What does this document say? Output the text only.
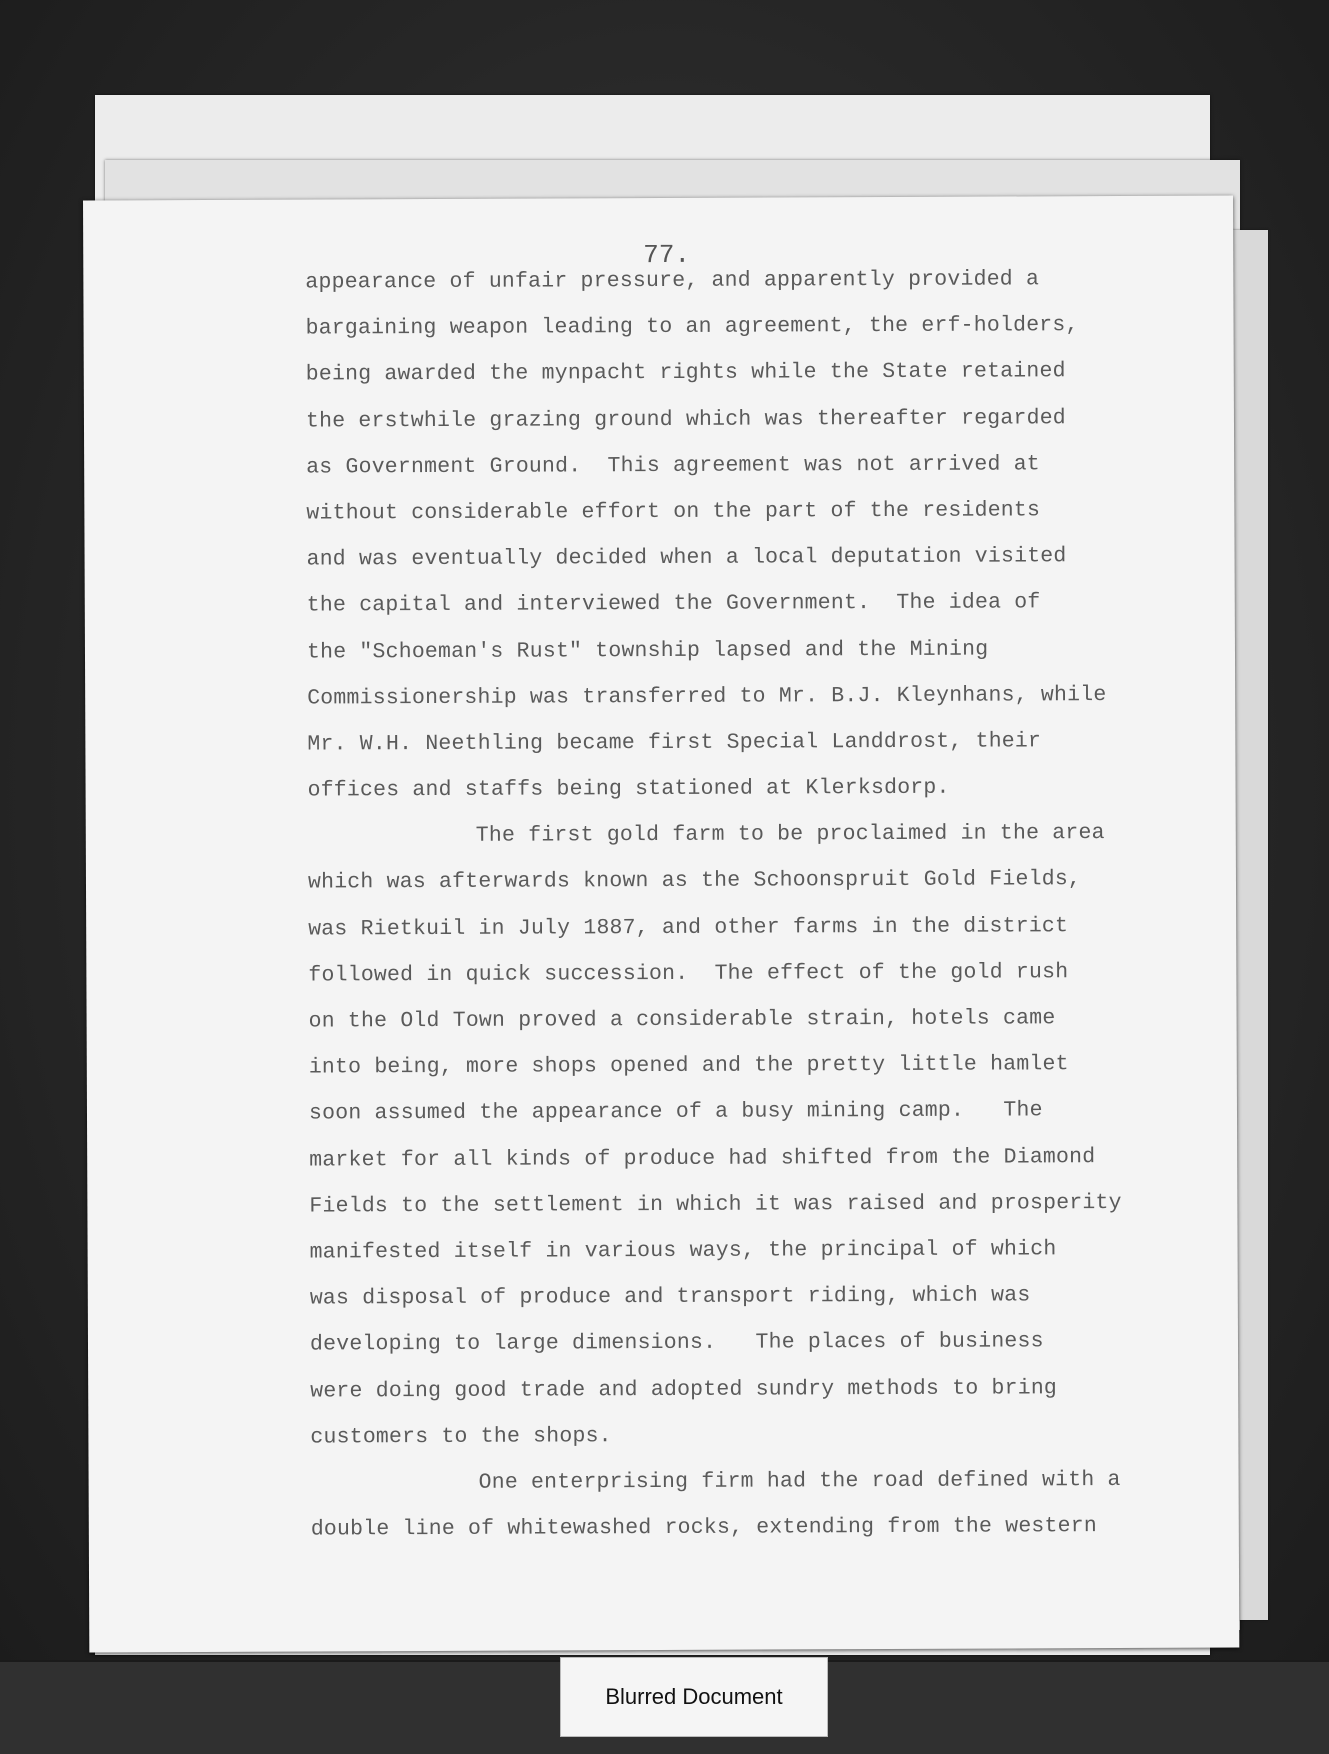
77.
appearance of unfair pressure, and apparently provided a
bargaining weapon leading to an agreement, the erf-holders,
being awarded the mynpacht rights while the State retained
the erstwhile grazing ground which was thereafter regarded
as Government Ground.  This agreement was not arrived at
without considerable effort on the part of the residents
and was eventually decided when a local deputation visited
the capital and interviewed the Government.  The idea of
the "Schoeman's Rust" township lapsed and the Mining
Commissionership was transferred to Mr. B.J. Kleynhans, while
Mr. W.H. Neethling became first Special Landdrost, their
offices and staffs being stationed at Klerksdorp.
The first gold farm to be proclaimed in the area
which was afterwards known as the Schoonspruit Gold Fields,
was Rietkuil in July 1887, and other farms in the district
followed in quick succession.  The effect of the gold rush
on the Old Town proved a considerable strain, hotels came
into being, more shops opened and the pretty little hamlet
soon assumed the appearance of a busy mining camp.   The
market for all kinds of produce had shifted from the Diamond
Fields to the settlement in which it was raised and prosperity
manifested itself in various ways, the principal of which
was disposal of produce and transport riding, which was
developing to large dimensions.   The places of business
were doing good trade and adopted sundry methods to bring
customers to the shops.
One enterprising firm had the road defined with a
double line of whitewashed rocks, extending from the western
Blurred Document
